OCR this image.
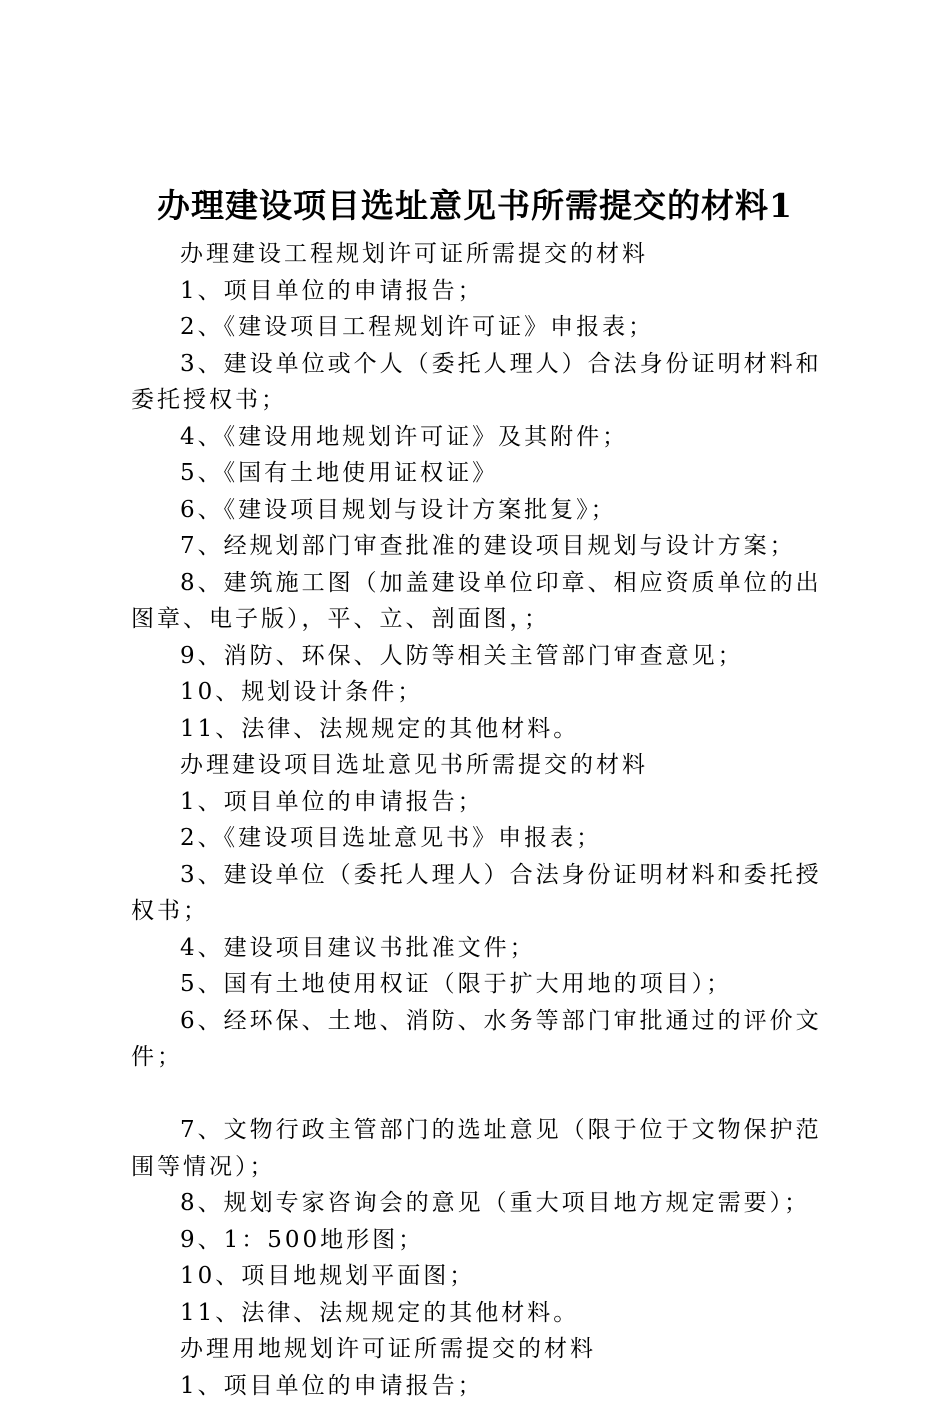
办理建设项目选址意见书所需提交的材料1

办理建设工程规划许可证所需提交的材料

1、项目单位的申请报告；

2、《建设项目工程规划许可证》申报表；

3、建设单位或个人（委托人理人）合法身份证明材料和委托授权书；

4、《建设用地规划许可证》及其附件；

5、《国有土地使用证权证》

6、《建设项目规划与设计方案批复》；

7、经规划部门审查批准的建设项目规划与设计方案；

8、建筑施工图（加盖建设单位印章、相应资质单位的出图章、电子版），平、立、剖面图，；

9、消防、环保、人防等相关主管部门审查意见；

10、规划设计条件；

11、法律、法规规定的其他材料。

办理建设项目选址意见书所需提交的材料

1、项目单位的申请报告；

2、《建设项目选址意见书》申报表；

3、建设单位（委托人理人）合法身份证明材料和委托授权书；

4、建设项目建议书批准文件；

5、国有土地使用权证（限于扩大用地的项目）；

6、经环保、土地、消防、水务等部门审批通过的评价文件；

7、文物行政主管部门的选址意见（限于位于文物保护范围等情况）；

8、规划专家咨询会的意见（重大项目地方规定需要）；

9、1：500地形图；

10、项目地规划平面图；

11、法律、法规规定的其他材料。

办理用地规划许可证所需提交的材料

1、项目单位的申请报告；
